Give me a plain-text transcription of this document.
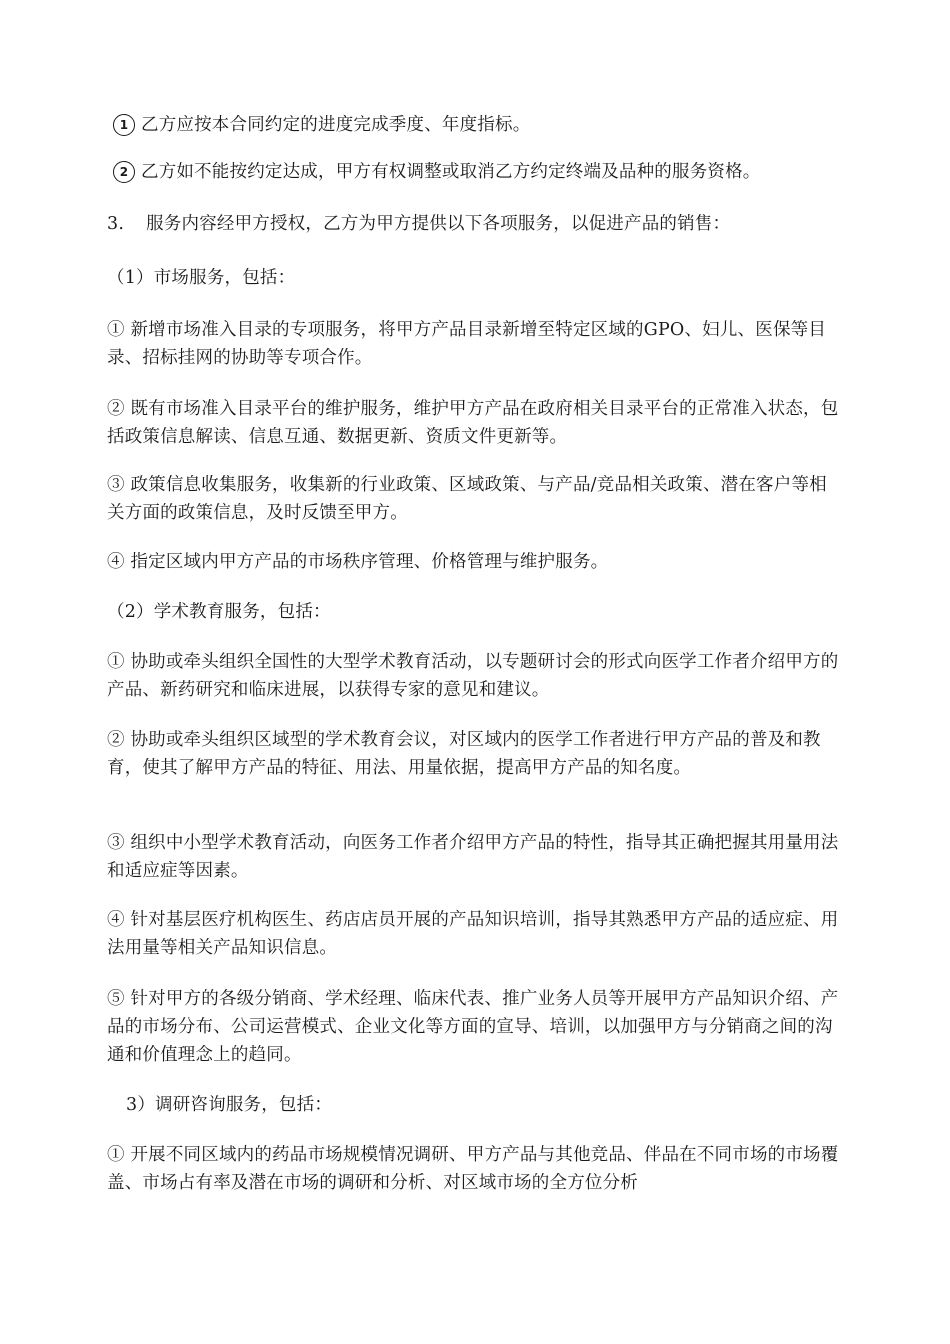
1 乙方应按本合同约定的进度完成季度、年度指标。

2 乙方如不能按约定达成，甲方有权调整或取消乙方约定终端及品种的服务资格。

3. 服务内容经甲方授权，乙方为甲方提供以下各项服务，以促进产品的销售：

（1）市场服务，包括：

① 新增市场准入目录的专项服务，将甲方产品目录新增至特定区域的GPO、妇儿、医保等目录、招标挂网的协助等专项合作。

② 既有市场准入目录平台的维护服务，维护甲方产品在政府相关目录平台的正常准入状态，包括政策信息解读、信息互通、数据更新、资质文件更新等。

③ 政策信息收集服务，收集新的行业政策、区域政策、与产品/竞品相关政策、潜在客户等相关方面的政策信息，及时反馈至甲方。

④ 指定区域内甲方产品的市场秩序管理、价格管理与维护服务。

（2）学术教育服务，包括：

① 协助或牵头组织全国性的大型学术教育活动，以专题研讨会的形式向医学工作者介绍甲方的产品、新药研究和临床进展，以获得专家的意见和建议。

② 协助或牵头组织区域型的学术教育会议，对区域内的医学工作者进行甲方产品的普及和教育，使其了解甲方产品的特征、用法、用量依据，提高甲方产品的知名度。

③ 组织中小型学术教育活动，向医务工作者介绍甲方产品的特性，指导其正确把握其用量用法和适应症等因素。

④ 针对基层医疗机构医生、药店店员开展的产品知识培训，指导其熟悉甲方产品的适应症、用法用量等相关产品知识信息。

⑤ 针对甲方的各级分销商、学术经理、临床代表、推广业务人员等开展甲方产品知识介绍、产品的市场分布、公司运营模式、企业文化等方面的宣导、培训，以加强甲方与分销商之间的沟通和价值理念上的趋同。

3）调研咨询服务，包括：

① 开展不同区域内的药品市场规模情况调研、甲方产品与其他竞品、伴品在不同市场的市场覆盖、市场占有率及潜在市场的调研和分析、对区域市场的全方位分析
